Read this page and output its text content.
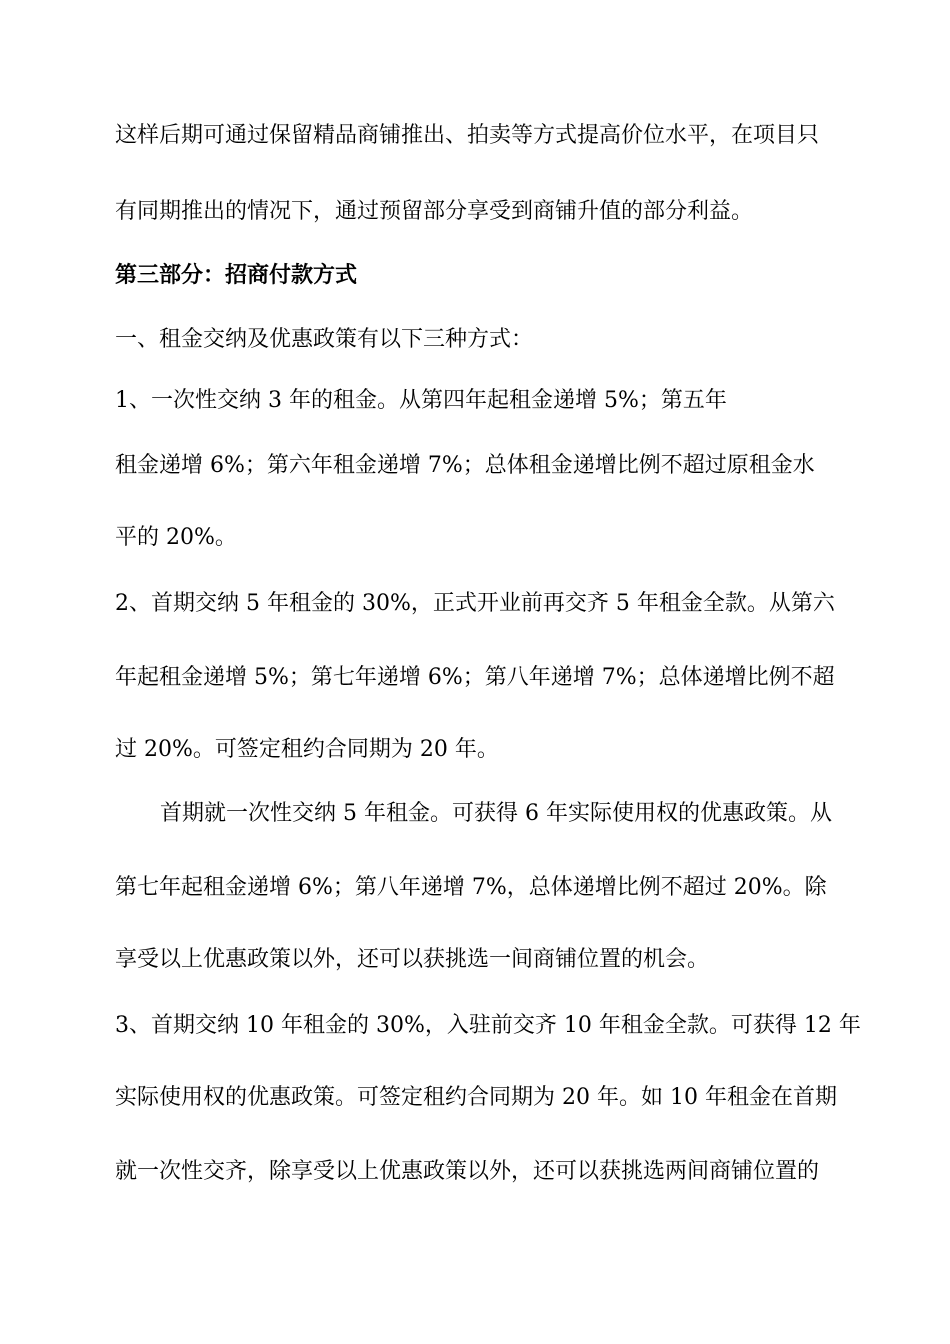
这样后期可通过保留精品商铺推出、拍卖等方式提高价位水平，在项目只
有同期推出的情况下，通过预留部分享受到商铺升值的部分利益。
第三部分：招商付款方式
一、租金交纳及优惠政策有以下三种方式：
1、一次性交纳 3 年的租金。从第四年起租金递增 5%；第五年
租金递增 6%；第六年租金递增 7%；总体租金递增比例不超过原租金水
平的 20%。
2、首期交纳 5 年租金的 30%，正式开业前再交齐 5 年租金全款。从第六
年起租金递增 5%；第七年递增 6%；第八年递增 7%；总体递增比例不超
过 20%。可签定租约合同期为 20 年。
首期就一次性交纳 5 年租金。可获得 6 年实际使用权的优惠政策。从
第七年起租金递增 6%；第八年递增 7%，总体递增比例不超过 20%。除
享受以上优惠政策以外，还可以获挑选一间商铺位置的机会。
3、首期交纳 10 年租金的 30%，入驻前交齐 10 年租金全款。可获得 12 年
实际使用权的优惠政策。可签定租约合同期为 20 年。如 10 年租金在首期
就一次性交齐，除享受以上优惠政策以外，还可以获挑选两间商铺位置的
